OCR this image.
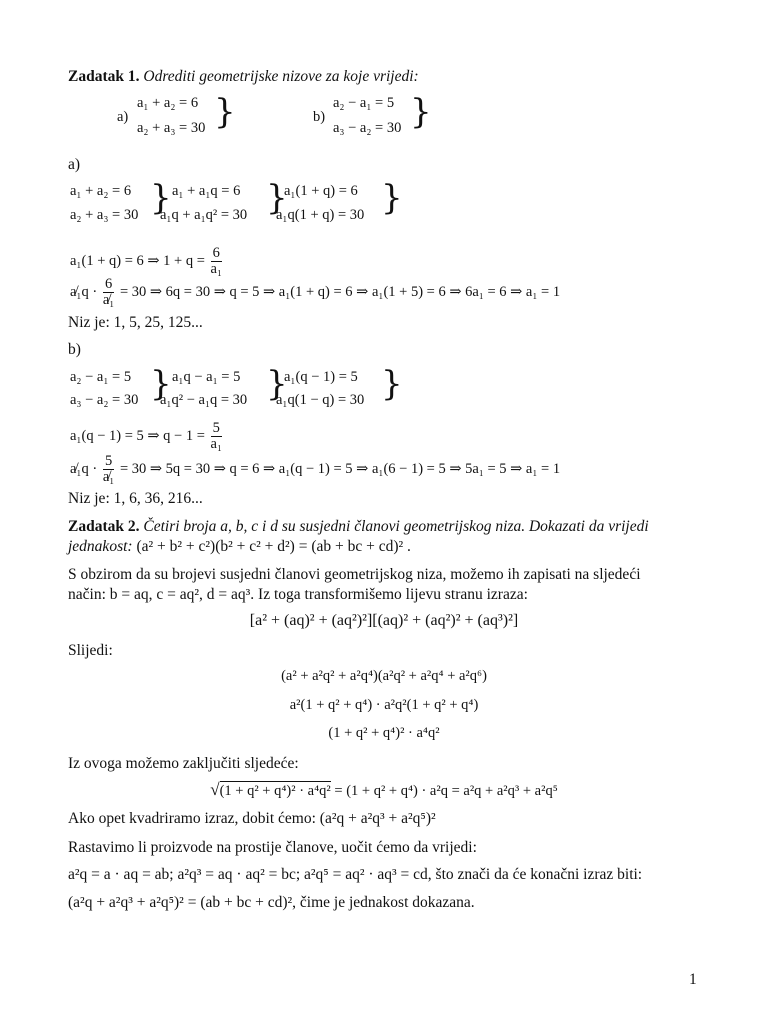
Zadatak 1. Odrediti geometrijske nizove za koje vrijedi:
a)
a₁ + a₂ = 6
a₂ + a₃ = 30 }	b)
a₂ − a₁ = 5
a₃ − a₂ = 30 }
a)
a₁ + a₂ = 6
a₂ + a₃ = 30 } a₁ + a₁q = 6
a₁q + a₁q² = 30 }
a₁(1 + q) = 6
a₁q(1 + q) = 30 }
a₁(1 + q) = 6 ⇒ $1 + q = \frac{6}{\text{a₁}}$
a̸₁q · $\frac{6}{\text{a̸₁}} = 30$ ⇒ 6q = 30 ⇒ q = 5 ⇒ a₁(1 + q) = 6 ⇒ a₁(1 + 5) = 6 ⇒ 6a₁ = 6 ⇒ a₁ = 1
Niz je: 1, 5, 25, 125...
b)
a₂ − a₁ = 5
a₃ − a₂ = 30 } a₁q − a₁ = 5
a₁q² − a₁q = 30 }
a₁(q − 1) = 5
a₁q(1 − q) = 30 }
a₁(q − 1) = 5 ⇒ $q - 1 = \frac{5}{\text{a₁}}$
a̸₁q · $\frac{5}{\text{a̸₁}} = 30$ ⇒ 5q = 30 ⇒ q = 6 ⇒ a₁(q − 1) = 5 ⇒ a₁(6 − 1) = 5 ⇒ 5a₁ = 5 ⇒ a₁ = 1
Niz je: 1, 6, 36, 216...
Zadatak 2. Četiri broja a, b, c i d su susjedni članovi geometrijskog niza. Dokazati da vrijedi
jednakost: (a² + b² + c²)(b² + c² + d²) = (ab + bc + cd)² .
S obzirom da su brojevi susjedni članovi geometrijskog niza, možemo ih zapisati na sljedeći
način: b = aq, c = aq², d = aq³. Iz toga transformišemo lijevu stranu izraza:
[a² + (aq)² + (aq²)²][(aq)² + (aq²)² + (aq³)²]
Slijedi:
(a² + a²q² + a²q⁴)(a²q² + a²q⁴ + a²q⁶)
a²(1 + q² + q⁴) · a²q²(1 + q² + q⁴)
(1 + q² + q⁴)² · a⁴q²
Iz ovoga možemo zaključiti sljedeće:
√(1 + q² + q⁴)² · a⁴q² = (1 + q² + q⁴) · a²q = a²q + a²q³ + a²q⁵
Ako opet kvadriramo izraz, dobit ćemo: (a²q + a²q³ + a²q⁵)²
Rastavimo li proizvode na prostije članove, uočit ćemo da vrijedi:
a²q = a · aq = ab; a²q³ = aq · aq² = bc; a²q⁵ = aq² · aq³ = cd, što znači da će konačni izraz biti:
(a²q + a²q³ + a²q⁵)² = (ab + bc + cd)², čime je jednakost dokazana.
1
